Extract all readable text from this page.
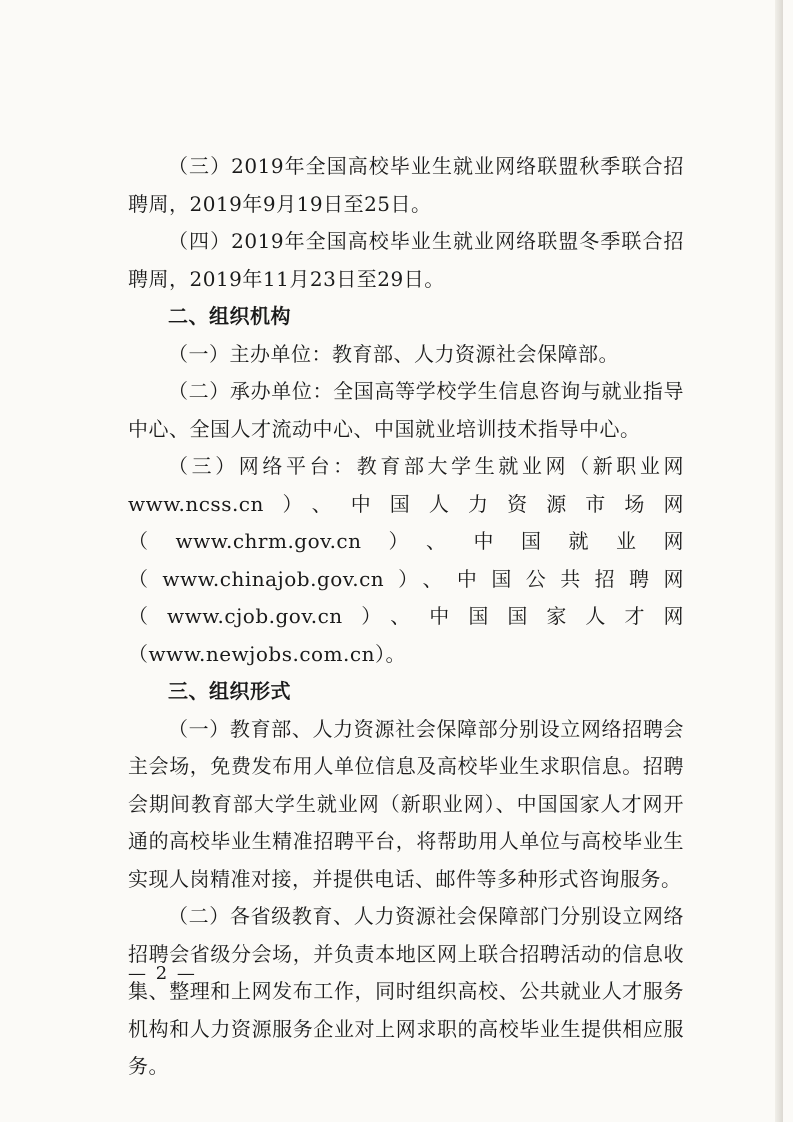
（三）2019年全国高校毕业生就业网络联盟秋季联合招聘周，2019年9月19日至25日。

（四）2019年全国高校毕业生就业网络联盟冬季联合招聘周，2019年11月23日至29日。

二、组织机构

（一）主办单位：教育部、人力资源社会保障部。

（二）承办单位：全国高等学校学生信息咨询与就业指导中心、全国人才流动中心、中国就业培训技术指导中心。

（三）网络平台：教育部大学生就业网（新职业网 www.ncss.cn）、中国人力资源市场网（www.chrm.gov.cn）、中国就业网（www.chinajob.gov.cn）、中国公共招聘网（www.cjob.gov.cn）、中国国家人才网（www.newjobs.com.cn）。

三、组织形式

（一）教育部、人力资源社会保障部分别设立网络招聘会主会场，免费发布用人单位信息及高校毕业生求职信息。招聘会期间教育部大学生就业网（新职业网）、中国国家人才网开通的高校毕业生精准招聘平台，将帮助用人单位与高校毕业生实现人岗精准对接，并提供电话、邮件等多种形式咨询服务。

（二）各省级教育、人力资源社会保障部门分别设立网络招聘会省级分会场，并负责本地区网上联合招聘活动的信息收集、整理和上网发布工作，同时组织高校、公共就业人才服务机构和人力资源服务企业对上网求职的高校毕业生提供相应服务。

— 2 —
